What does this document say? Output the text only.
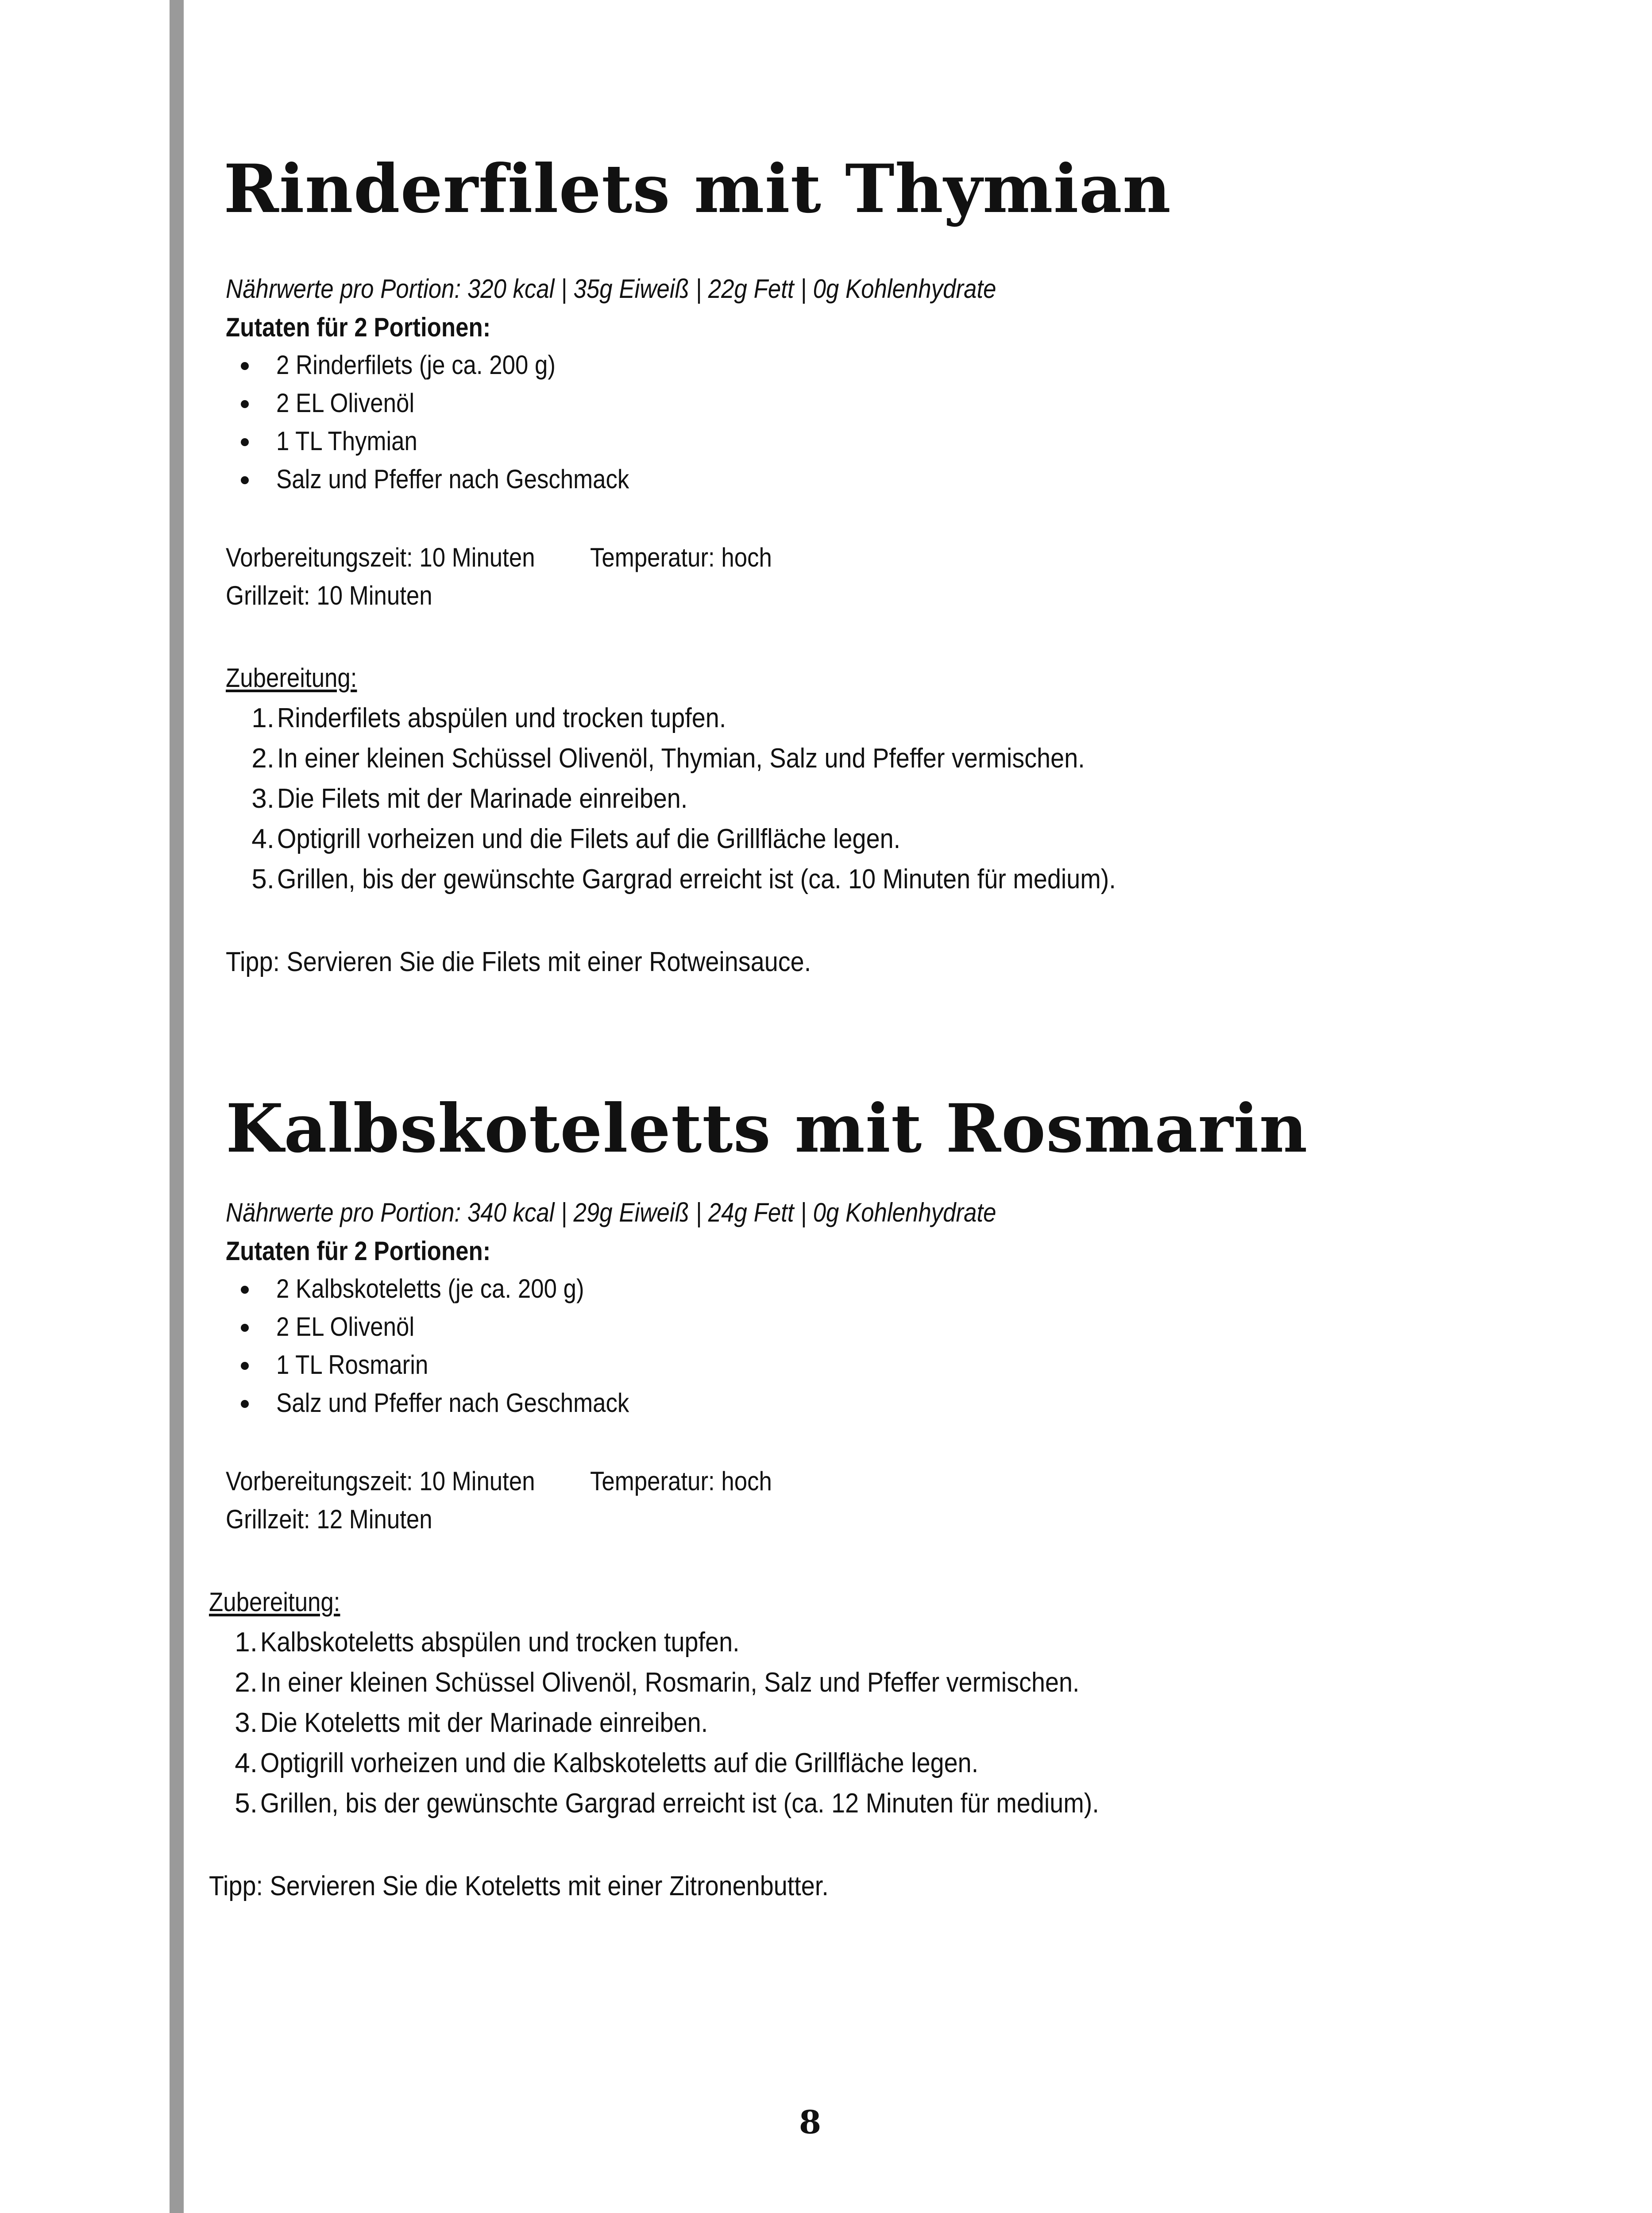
Rinderfilets mit Thymian
Nährwerte pro Portion: 320 kcal | 35g Eiweiß | 22g Fett | 0g Kohlenhydrate
Zutaten für 2 Portionen:
2 Rinderfilets (je ca. 200 g)
2 EL Olivenöl
1 TL Thymian
Salz und Pfeffer nach Geschmack
Vorbereitungszeit: 10 Minuten Temperatur: hoch
Grillzeit: 10 Minuten
Zubereitung:
1. Rinderfilets abspülen und trocken tupfen.
2. In einer kleinen Schüssel Olivenöl, Thymian, Salz und Pfeffer vermischen.
3. Die Filets mit der Marinade einreiben.
4. Optigrill vorheizen und die Filets auf die Grillfläche legen.
5. Grillen, bis der gewünschte Gargrad erreicht ist (ca. 10 Minuten für medium).
Tipp: Servieren Sie die Filets mit einer Rotweinsauce.
Kalbskoteletts mit Rosmarin
Nährwerte pro Portion: 340 kcal | 29g Eiweiß | 24g Fett | 0g Kohlenhydrate
Zutaten für 2 Portionen:
2 Kalbskoteletts (je ca. 200 g)
2 EL Olivenöl
1 TL Rosmarin
Salz und Pfeffer nach Geschmack
Vorbereitungszeit: 10 Minuten Temperatur: hoch
Grillzeit: 12 Minuten
Zubereitung:
1. Kalbskoteletts abspülen und trocken tupfen.
2. In einer kleinen Schüssel Olivenöl, Rosmarin, Salz und Pfeffer vermischen.
3. Die Koteletts mit der Marinade einreiben.
4. Optigrill vorheizen und die Kalbskoteletts auf die Grillfläche legen.
5. Grillen, bis der gewünschte Gargrad erreicht ist (ca. 12 Minuten für medium).
Tipp: Servieren Sie die Koteletts mit einer Zitronenbutter.
8
